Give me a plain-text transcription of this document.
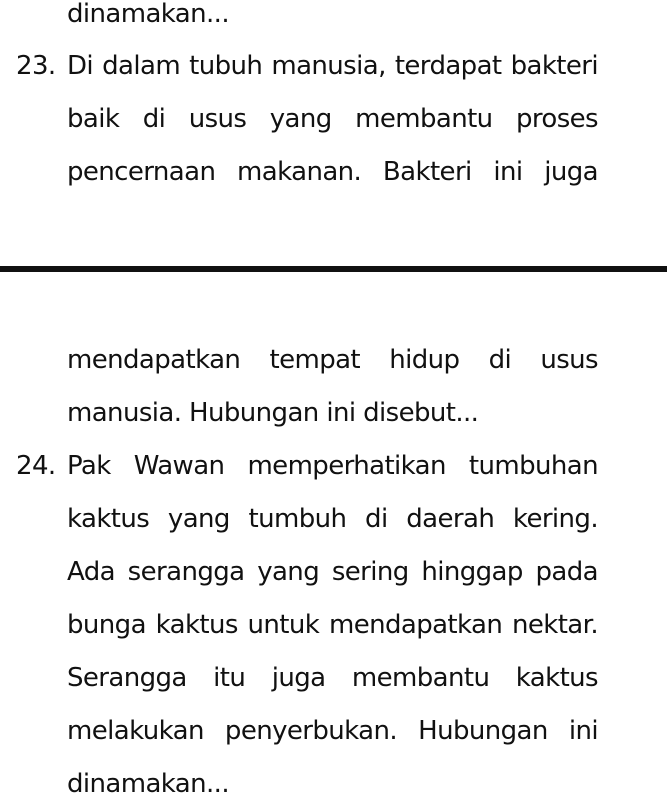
dinamakan...
23. Di dalam tubuh manusia, terdapat bakteri
baik di usus yang membantu proses
pencernaan makanan. Bakteri ini juga
mendapatkan tempat hidup di usus
manusia. Hubungan ini disebut...
24. Pak Wawan memperhatikan tumbuhan
kaktus yang tumbuh di daerah kering.
Ada serangga yang sering hinggap pada
bunga kaktus untuk mendapatkan nektar.
Serangga itu juga membantu kaktus
melakukan penyerbukan. Hubungan ini
dinamakan...
